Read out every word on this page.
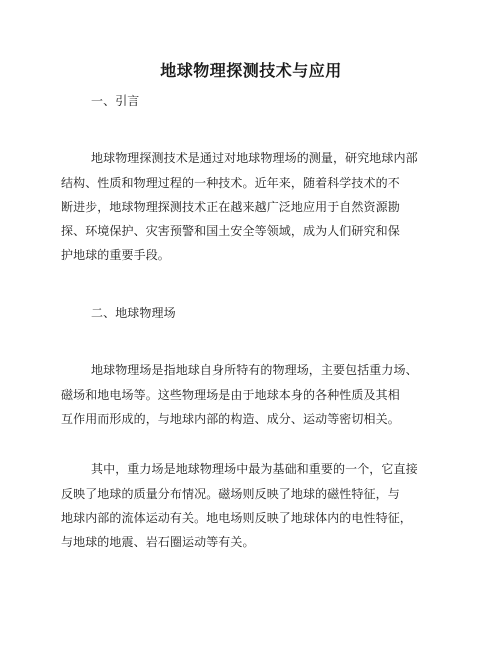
地球物理探测技术与应用
一、引言
地球物理探测技术是通过对地球物理场的测量，研究地球内部
结构、性质和物理过程的一种技术。近年来，随着科学技术的不
断进步，地球物理探测技术正在越来越广泛地应用于自然资源勘
探、环境保护、灾害预警和国土安全等领域，成为人们研究和保
护地球的重要手段。
二、地球物理场
地球物理场是指地球自身所特有的物理场，主要包括重力场、
磁场和地电场等。这些物理场是由于地球本身的各种性质及其相
互作用而形成的，与地球内部的构造、成分、运动等密切相关。
其中，重力场是地球物理场中最为基础和重要的一个，它直接
反映了地球的质量分布情况。磁场则反映了地球的磁性特征，与
地球内部的流体运动有关。地电场则反映了地球体内的电性特征，
与地球的地震、岩石圈运动等有关。
